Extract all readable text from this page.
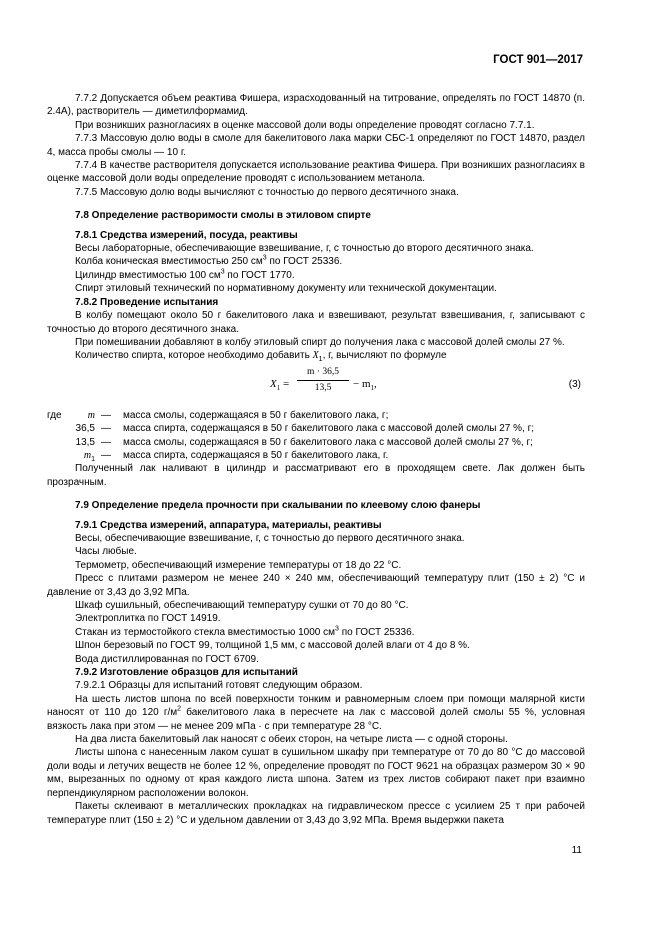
ГОСТ 901—2017

7.7.2 Допускается объем реактива Фишера, израсходованный на титрование, определять по ГОСТ 14870 (п. 2.4А), растворитель — диметилформамид.

При возникших разногласиях в оценке массовой доли воды определение проводят согласно 7.7.1.

7.7.3 Массовую долю воды в смоле для бакелитового лака марки СБС-1 определяют по ГОСТ 14870, раздел 4, масса пробы смолы — 10 г.

7.7.4 В качестве растворителя допускается использование реактива Фишера. При возникших разногласиях в оценке массовой доли воды определение проводят с использованием метанола.

7.7.5 Массовую долю воды вычисляют с точностью до первого десятичного знака.

7.8 Определение растворимости смолы в этиловом спирте

7.8.1 Средства измерений, посуда, реактивы

Весы лабораторные, обеспечивающие взвешивание, г, с точностью до второго десятичного знака.

Колба коническая вместимостью 250 $см^3$ по ГОСТ 25336.

Цилиндр вместимостью 100 $см^3$ по ГОСТ 1770.

Спирт этиловый технический по нормативному документу или технической документации.

7.8.2 Проведение испытания

В колбу помещают около 50 г бакелитового лака и взвешивают, результат взвешивания, г, записывают с точностью до второго десятичного знака.

При помешивании добавляют в колбу этиловый спирт до получения лака с массовой долей смолы 27 %.

Количество спирта, которое необходимо добавить $X_1$, г, вычисляют по формуле

$X_1 = \frac{m \cdot 36,5}{13,5} - m_1$,	(3)
где	m	—	масса смолы, содержащаяся в 50 г бакелитового лака, г;
	36,5	—	масса спирта, содержащаяся в 50 г бакелитового лака с массовой долей смолы 27 %, г;
	13,5	—	масса смолы, содержащаяся в 50 г бакелитового лака с массовой долей смолы 27 %, г;
	$m_1$	—	масса спирта, содержащаяся в 50 г бакелитового лака, г.

Полученный лак наливают в цилиндр и рассматривают его в проходящем свете. Лак должен быть прозрачным.

7.9 Определение предела прочности при скалывании по клеевому слою фанеры

7.9.1 Средства измерений, аппаратура, материалы, реактивы

Весы, обеспечивающие взвешивание, г, с точностью до первого десятичного знака.

Часы любые.

Термометр, обеспечивающий измерение температуры от 18 до 22 °C.

Пресс с плитами размером не менее 240 × 240 мм, обеспечивающий температуру плит (150 ± 2) °C и давление от 3,43 до 3,92 МПа.

Шкаф сушильный, обеспечивающий температуру сушки от 70 до 80 °C.

Электроплитка по ГОСТ 14919.

Стакан из термостойкого стекла вместимостью 1000 $см^3$ по ГОСТ 25336.

Шпон березовый по ГОСТ 99, толщиной 1,5 мм, с массовой долей влаги от 4 до 8 %.

Вода дистиллированная по ГОСТ 6709.

7.9.2 Изготовление образцов для испытаний

7.9.2.1 Образцы для испытаний готовят следующим образом.

На шесть листов шпона по всей поверхности тонким и равномерным слоем при помощи малярной кисти наносят от 110 до 120 $г/м^2$ бакелитового лака в пересчете на лак с массовой долей смолы 55 %, условная вязкость лака при этом — не менее 209 мПа · с при температуре 28 °C.

На два листа бакелитовый лак наносят с обеих сторон, на четыре листа — с одной стороны.

Листы шпона с нанесенным лаком сушат в сушильном шкафу при температуре от 70 до 80 °C до массовой доли воды и летучих веществ не более 12 %, определение проводят по ГОСТ 9621 на образцах размером 30 × 90 мм, вырезанных по одному от края каждого листа шпона. Затем из трех листов собирают пакет при взаимно перпендикулярном расположении волокон.

Пакеты склеивают в металлических прокладках на гидравлическом прессе с усилием 25 т при рабочей температуре плит (150 ± 2) °C и удельном давлении от 3,43 до 3,92 МПа. Время выдержки пакета

11
